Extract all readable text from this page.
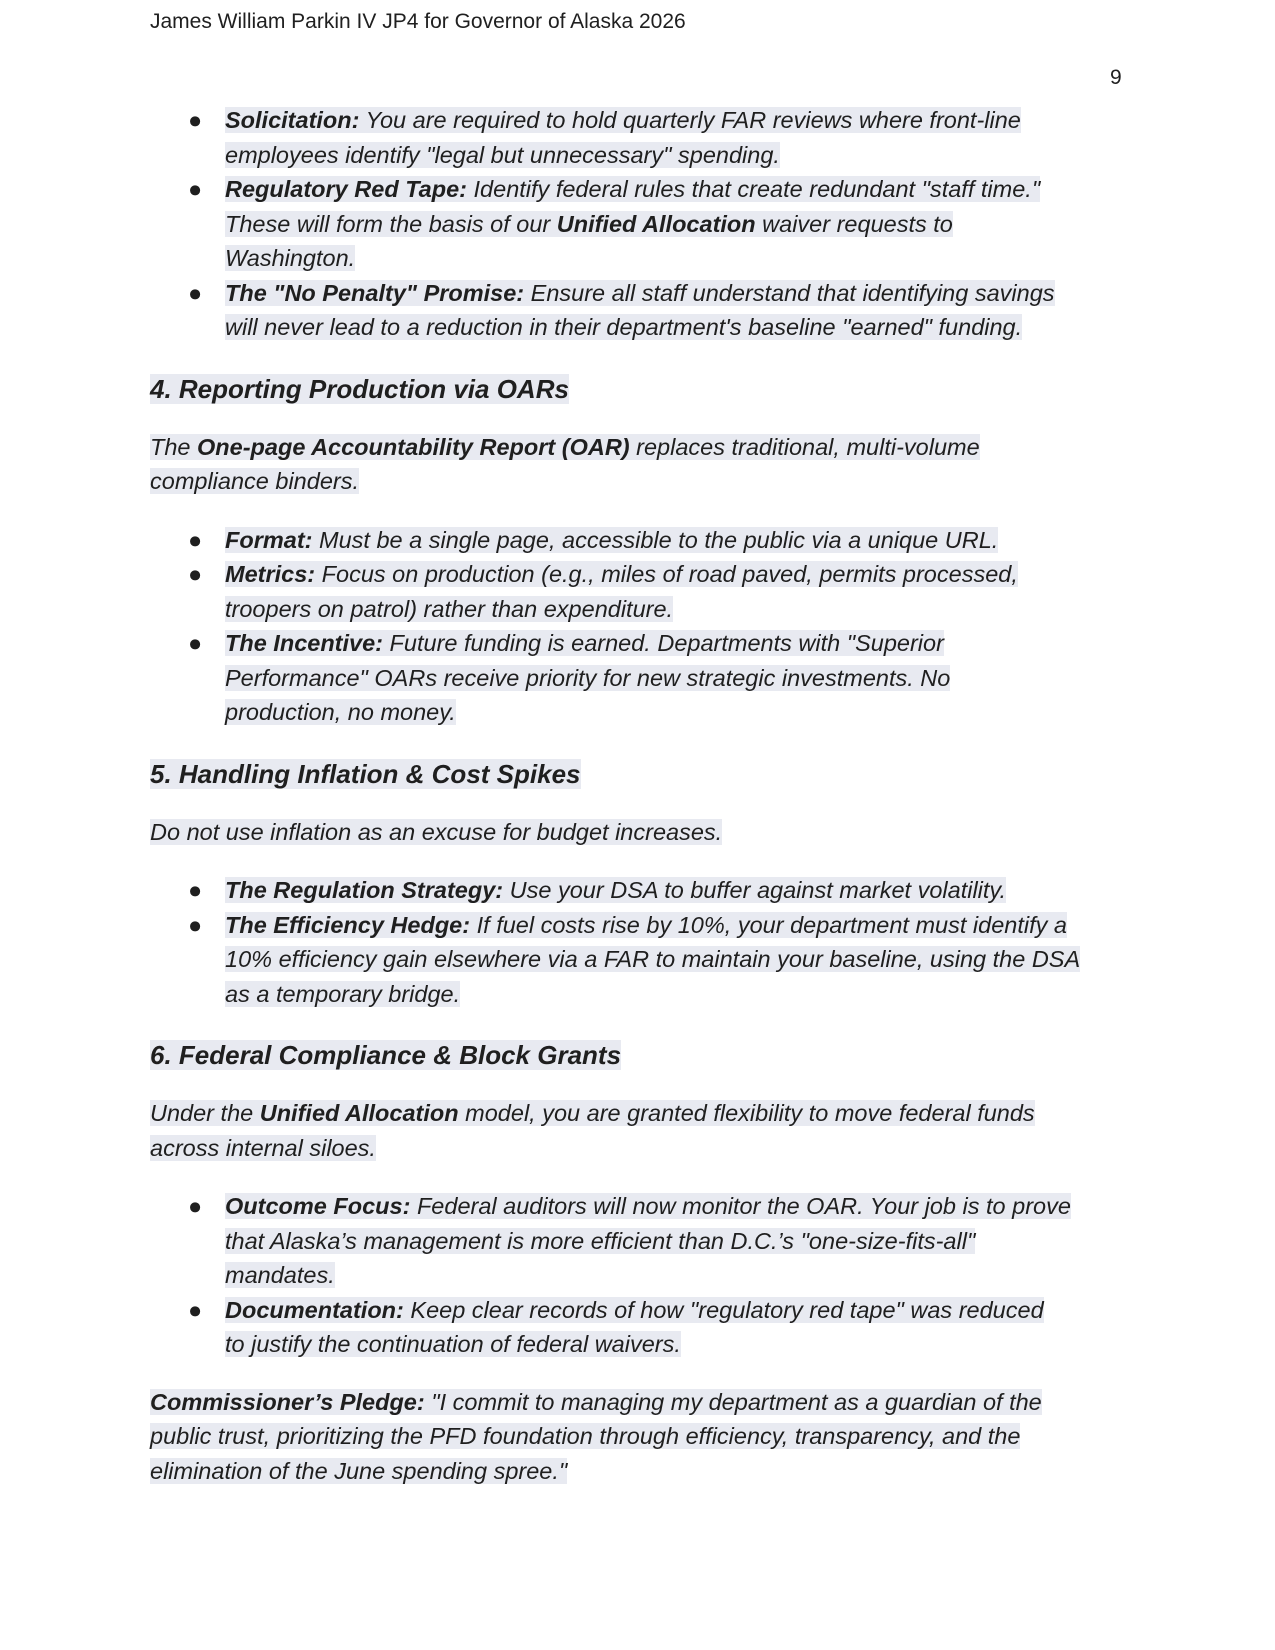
James William Parkin IV JP4 for Governor of Alaska 2026
9
● Solicitation: You are required to hold quarterly FAR reviews where front-line
employees identify "legal but unnecessary" spending.
● Regulatory Red Tape: Identify federal rules that create redundant "staff time."
These will form the basis of our Unified Allocation waiver requests to
Washington.
● The "No Penalty" Promise: Ensure all staff understand that identifying savings
will never lead to a reduction in their department's baseline "earned" funding.
4. Reporting Production via OARs

The One-page Accountability Report (OAR) replaces traditional, multi-volume
compliance binders.

● Format: Must be a single page, accessible to the public via a unique URL.
● Metrics: Focus on production (e.g., miles of road paved, permits processed,
troopers on patrol) rather than expenditure.
● The Incentive: Future funding is earned. Departments with "Superior
Performance" OARs receive priority for new strategic investments. No
production, no money.
5. Handling Inflation & Cost Spikes

Do not use inflation as an excuse for budget increases.

● The Regulation Strategy: Use your DSA to buffer against market volatility.
● The Efficiency Hedge: If fuel costs rise by 10%, your department must identify a
10% efficiency gain elsewhere via a FAR to maintain your baseline, using the DSA
as a temporary bridge.
6. Federal Compliance & Block Grants

Under the Unified Allocation model, you are granted flexibility to move federal funds
across internal siloes.

● Outcome Focus: Federal auditors will now monitor the OAR. Your job is to prove
that Alaska’s management is more efficient than D.C.’s "one-size-fits-all"
mandates.
● Documentation: Keep clear records of how "regulatory red tape" was reduced
to justify the continuation of federal waivers.

Commissioner’s Pledge: "I commit to managing my department as a guardian of the
public trust, prioritizing the PFD foundation through efficiency, transparency, and the
elimination of the June spending spree."
